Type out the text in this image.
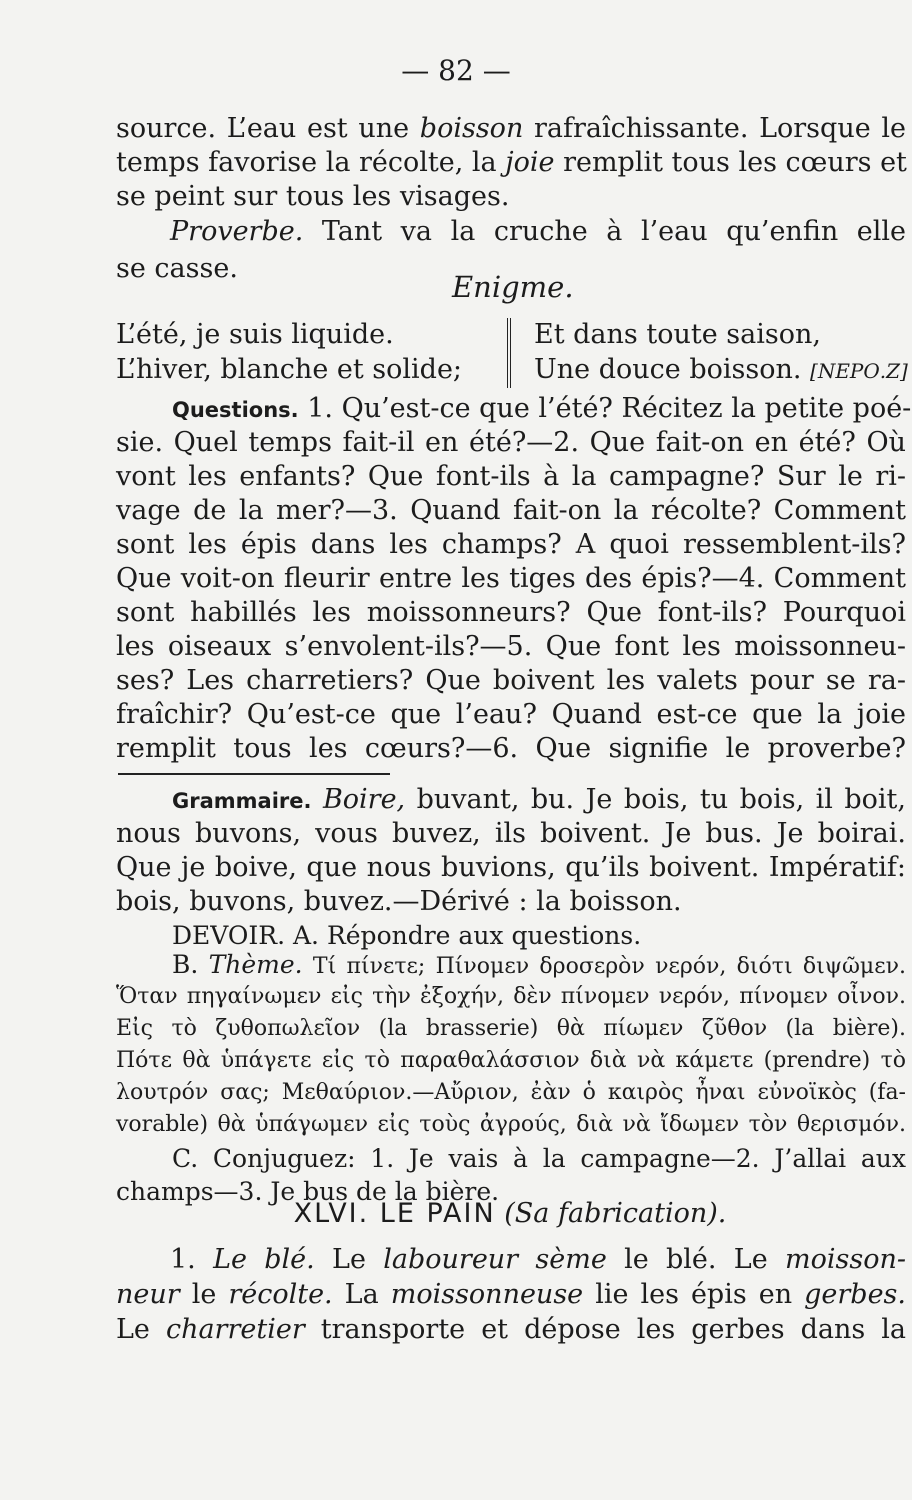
— 82 —
source. L’eau est une boisson rafraîchissante. Lorsque le
temps favorise la récolte, la joie remplit tous les cœurs et
se peint sur tous les visages.
Proverbe. Tant va la cruche à l’eau qu’enfin elle
se casse.
Enigme.
L’été, je suis liquide.
L’hiver, blanche et solide;
Et dans toute saison,
Une douce boisson. [ΝΕΡΟ.Ζ]
Questions. 1. Qu’est-ce que l’été? Récitez la petite poé-
sie. Quel temps fait-il en été?—2. Que fait-on en été? Où
vont les enfants? Que font-ils à la campagne? Sur le ri-
vage de la mer?—3. Quand fait-on la récolte? Comment
sont les épis dans les champs? A quoi ressemblent-ils?
Que voit-on fleurir entre les tiges des épis?—4. Comment
sont habillés les moissonneurs? Que font-ils? Pourquoi
les oiseaux s’envolent-ils?—5. Que font les moissonneu-
ses? Les charretiers? Que boivent les valets pour se ra-
fraîchir? Qu’est-ce que l’eau? Quand est-ce que la joie
remplit tous les cœurs?—6. Que signifie le proverbe?
Grammaire. Boire, buvant, bu. Je bois, tu bois, il boit,
nous buvons, vous buvez, ils boivent. Je bus. Je boirai.
Que je boive, que nous buvions, qu’ils boivent. Impératif:
bois, buvons, buvez.—Dérivé : la boisson.
DEVOIR. A. Répondre aux questions.
B. Thème. Τί πίνετε; Πίνομεν δροσερὸν νερόν, διότι διψῶμεν.
Ὅταν πηγαίνωμεν εἰς τὴν ἐξοχήν, δὲν πίνομεν νερόν, πίνομεν οἶνον.
Εἰς τὸ ζυθοπωλεῖον (la brasserie) θὰ πίωμεν ζῦθον (la bière).
Πότε θὰ ὑπάγετε εἰς τὸ παραθαλάσσιον διὰ νὰ κάμετε (prendre) τὸ
λουτρόν σας; Μεθαύριον.—Αὔριον, ἐὰν ὁ καιρὸς ἦναι εὐνοϊκὸς (fa-
vorable) θὰ ὑπάγωμεν εἰς τοὺς ἀγρούς, διὰ νὰ ἴδωμεν τὸν θερισμόν.
C. Conjuguez: 1. Je vais à la campagne—2. J’allai aux
champs—3. Je bus de la bière.
XLVI. LE PAIN (Sa fabrication).
1. Le blé. Le laboureur sème le blé. Le moisson-
neur le récolte. La moissonneuse lie les épis en gerbes.
Le charretier transporte et dépose les gerbes dans la
